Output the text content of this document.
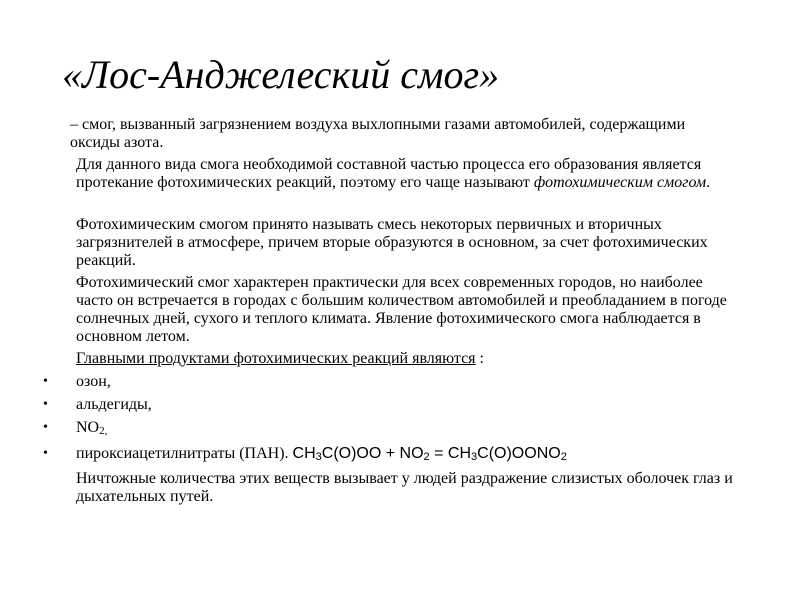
«Лос-Анджелеский смог»

– смог, вызванный загрязнением воздуха выхлопными газами автомобилей, содержащими оксиды азота.

Для данного вида смога необходимой составной частью процесса его образования является протекание фотохимических реакций, поэтому его чаще называют фотохимическим смогом.

Фотохимическим смогом принято называть смесь некоторых первичных и вторичных загрязнителей в атмосфере, причем вторые образуются в основном, за счет фотохимических реакций.

Фотохимический смог характерен практически для всех современных городов, но наиболее часто он встречается в городах с большим количеством автомобилей и преобладанием в погоде солнечных дней, сухого и теплого климата. Явление фотохимического смога наблюдается в основном летом.

Главными продуктами фотохимических реакций являются :

• озон,
• альдегиды,
• NO2,
• пироксиацетилнитраты (ПАН). CH3C(O)OO + NO2 = CH3C(O)OONO2

Ничтожные количества этих веществ вызывает у людей раздражение слизистых оболочек глаз и дыхательных путей.
